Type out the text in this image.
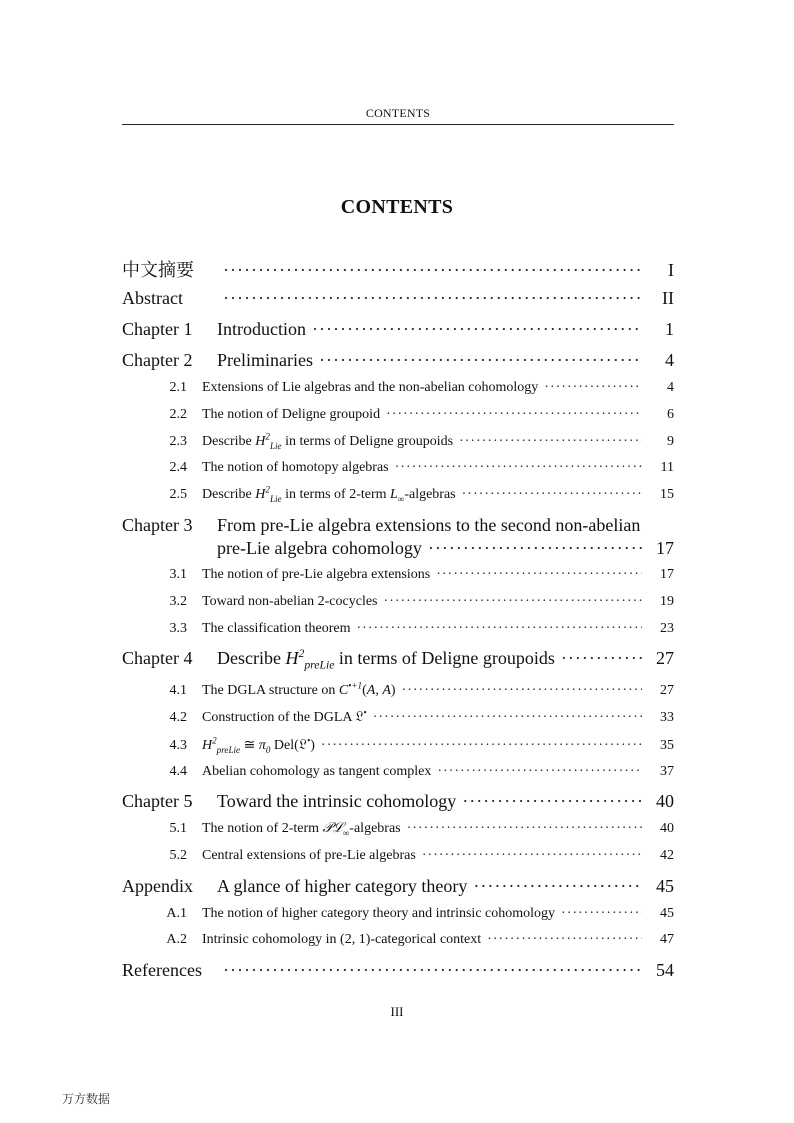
CONTENTS
CONTENTS
中文摘要 ·····	I
Abstract ·····	II
Chapter 1	Introduction ·····	1
Chapter 2	Preliminaries ·····	4
2.1	Extensions of Lie algebras and the non-abelian cohomology ·····	4
2.2	The notion of Deligne groupoid ·····	6
2.3	Describe $H^2_{Lie}$ in terms of Deligne groupoids ·····	9
2.4	The notion of homotopy algebras ·····	11
2.5	Describe $H^2_{Lie}$ in terms of 2-term $L_\infty$-algebras ·····	15
Chapter 3	From pre-Lie algebra extensions to the second non-abelian
pre-Lie algebra cohomology ·····	17
3.1	The notion of pre-Lie algebra extensions ·····	17
3.2	Toward non-abelian 2-cocycles ·····	19
3.3	The classification theorem ·····	23
Chapter 4	Describe $H^2_{preLie}$ in terms of Deligne groupoids ·····	27
4.1	The DGLA structure on $C^{•+1}(A$, A) ·····	27
4.2	Construction of the DGLA 𝔏• ·····	33
4.3	$H^2_{preLie}$ ≅ $\pi_0$ Del(𝔏•) ·····	35
4.4	Abelian cohomology as tangent complex ·····	37
Chapter 5	Toward the intrinsic cohomology ·····	40
5.1	The notion of 2-term 𝒫ℒ$_\infty$-algebras ·····	40
5.2	Central extensions of pre-Lie algebras ·····	42
Appendix	A glance of higher category theory ·····	45
A.1	The notion of higher category theory and intrinsic cohomology ·····	45
A.2	Intrinsic cohomology in (2, 1)-categorical context ·····	47
References ·····	54
III
万方数据
